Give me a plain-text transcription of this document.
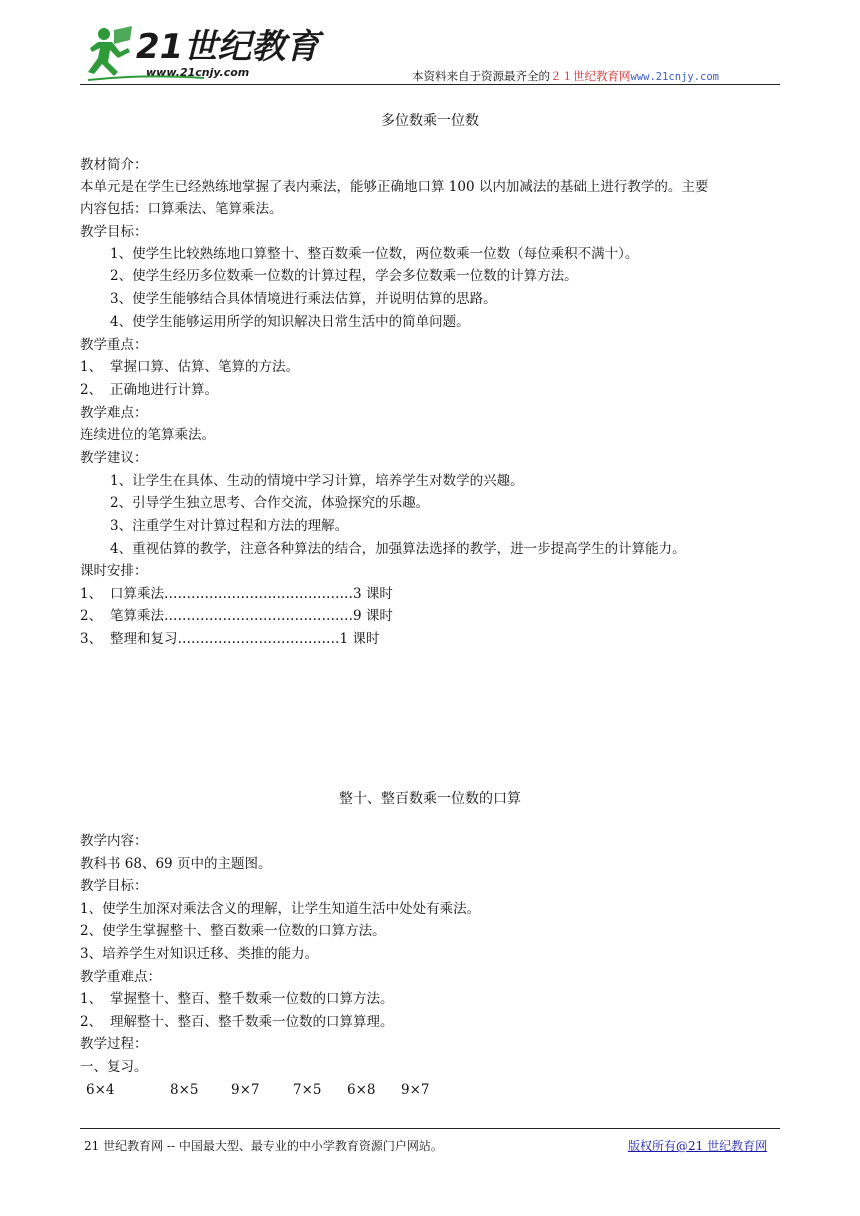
21世纪教育
www.21cnjy.com	本资料来自于资源最齐全的２１世纪教育网www.21cnjy.com
多位数乘一位数
教材简介：
本单元是在学生已经熟练地掌握了表内乘法，能够正确地口算 100 以内加减法的基础上进行教学的。主要
内容包括：口算乘法、笔算乘法。
教学目标：
1、使学生比较熟练地口算整十、整百数乘一位数，两位数乘一位数（每位乘积不满十）。
2、使学生经历多位数乘一位数的计算过程，学会多位数乘一位数的计算方法。
3、使学生能够结合具体情境进行乘法估算，并说明估算的思路。
4、使学生能够运用所学的知识解决日常生活中的简单问题。
教学重点：
1、 掌握口算、估算、笔算的方法。
2、 正确地进行计算。
教学难点：
连续进位的笔算乘法。
教学建议：
1、让学生在具体、生动的情境中学习计算，培养学生对数学的兴趣。
2、引导学生独立思考、合作交流，体验探究的乐趣。
3、注重学生对计算过程和方法的理解。
4、重视估算的教学，注意各种算法的结合，加强算法选择的教学，进一步提高学生的计算能力。
课时安排：
1、 口算乘法……………………………………3 课时
2、 笔算乘法……………………………………9 课时
3、 整理和复习………………………………1 课时
整十、整百数乘一位数的口算
教学内容：
教科书 68、69 页中的主题图。
教学目标：
1、使学生加深对乘法含义的理解，让学生知道生活中处处有乘法。
2、使学生掌握整十、整百数乘一位数的口算方法。
3、培养学生对知识迁移、类推的能力。
教学重难点：
1、 掌握整十、整百、整千数乘一位数的口算方法。
2、 理解整十、整百、整千数乘一位数的口算算理。
教学过程：
一、复习。
6×4	8×5 9×7 7×5 6×8 9×7
21 世纪教育网 -- 中国最大型、最专业的中小学教育资源门户网站。	版权所有@21 世纪教育网
